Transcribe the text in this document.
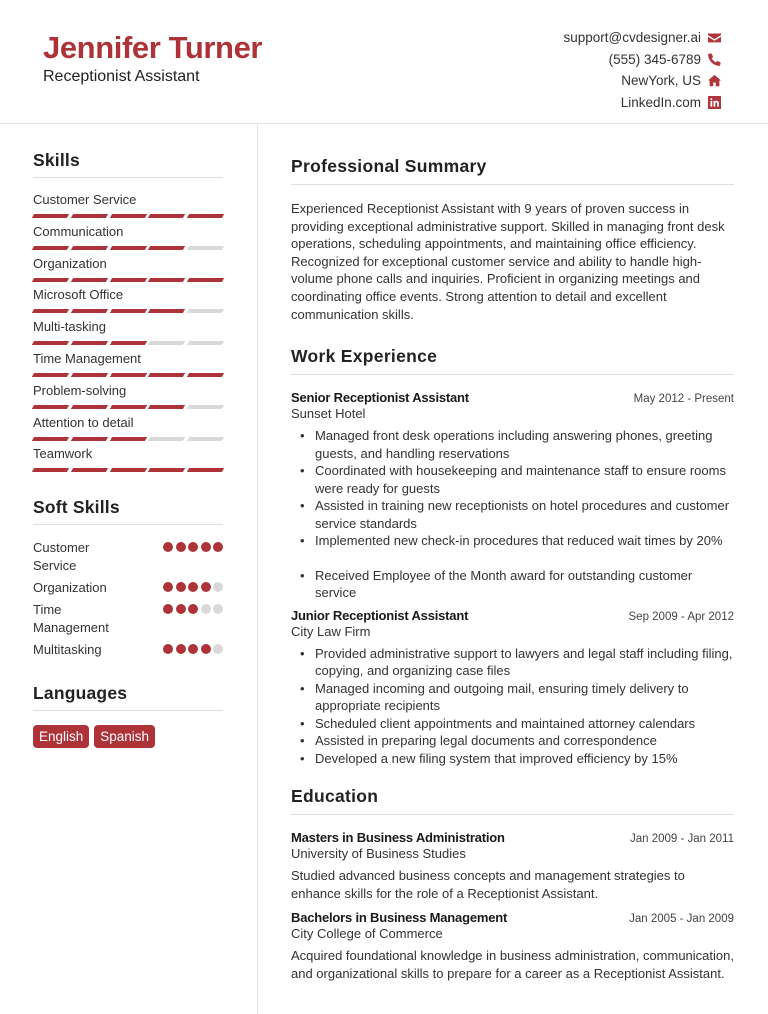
Jennifer Turner
Receptionist Assistant
support@cvdesigner.ai
(555) 345-6789
NewYork, US
LinkedIn.com
Skills
Customer Service
Communication
Organization
Microsoft Office
Multi-tasking
Time Management
Problem-solving
Attention to detail
Teamwork
Soft Skills
Customer Service
Organization
Time Management
Multitasking
Languages
English	Spanish
Professional Summary

Experienced Receptionist Assistant with 9 years of proven success in providing exceptional administrative support. Skilled in managing front desk operations, scheduling appointments, and maintaining office efficiency. Recognized for exceptional customer service and ability to handle high-volume phone calls and inquiries. Proficient in organizing meetings and coordinating office events. Strong attention to detail and excellent communication skills.

Work Experience
Senior Receptionist Assistant	May 2012 - Present
Sunset Hotel
• Managed front desk operations including answering phones, greeting guests, and handling reservations
• Coordinated with housekeeping and maintenance staff to ensure rooms were ready for guests
• Assisted in training new receptionists on hotel procedures and customer service standards
• Implemented new check-in procedures that reduced wait times by 20%
• Received Employee of the Month award for outstanding customer service
Junior Receptionist Assistant	Sep 2009 - Apr 2012
City Law Firm
• Provided administrative support to lawyers and legal staff including filing, copying, and organizing case files
• Managed incoming and outgoing mail, ensuring timely delivery to appropriate recipients
• Scheduled client appointments and maintained attorney calendars
• Assisted in preparing legal documents and correspondence
• Developed a new filing system that improved efficiency by 15%
Education
Masters in Business Administration	Jan 2009 - Jan 2011
University of Business Studies

Studied advanced business concepts and management strategies to enhance skills for the role of a Receptionist Assistant.

Bachelors in Business Management	Jan 2005 - Jan 2009
City College of Commerce

Acquired foundational knowledge in business administration, communication, and organizational skills to prepare for a career as a Receptionist Assistant.
